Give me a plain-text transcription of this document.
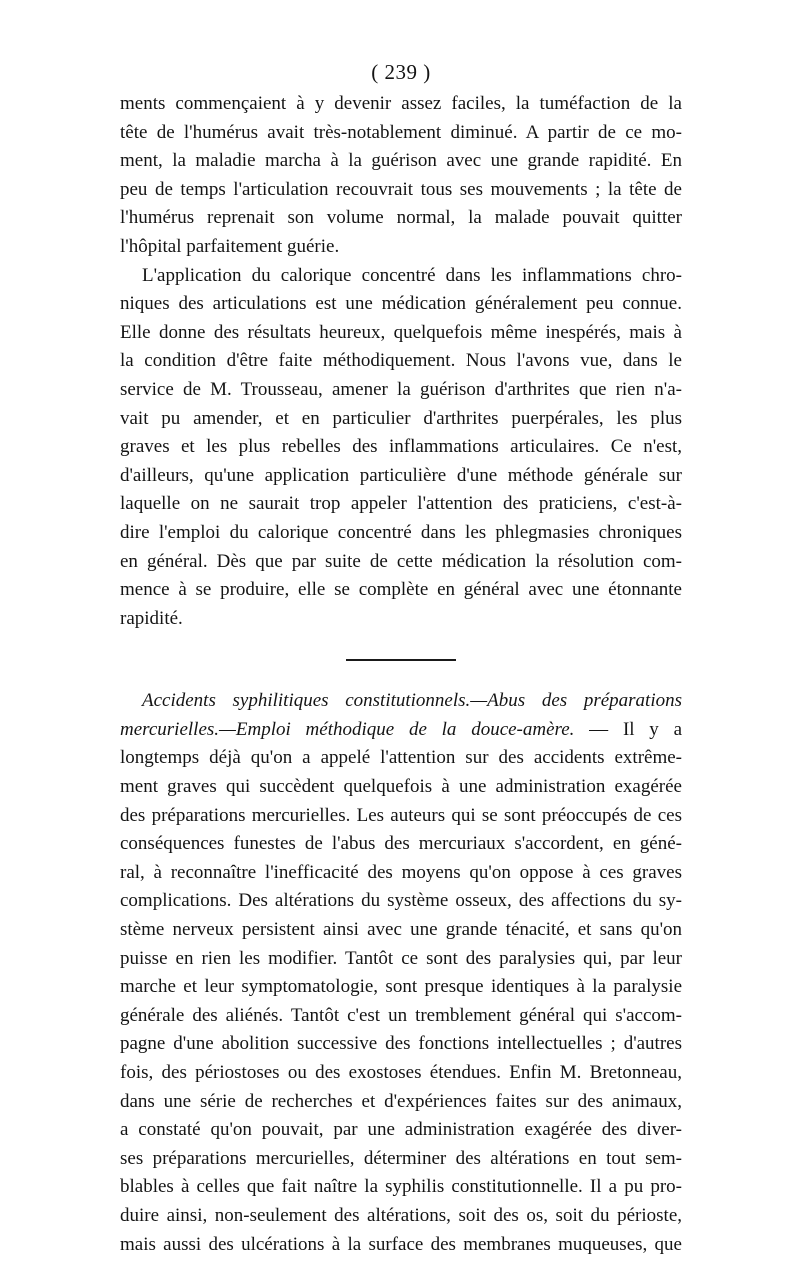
( 239 )
ments commençaient à y devenir assez faciles, la tuméfaction de la
tête de l'humérus avait très-notablement diminué. A partir de ce mo-
ment, la maladie marcha à la guérison avec une grande rapidité. En
peu de temps l'articulation recouvrait tous ses mouvements ; la tête de
l'humérus reprenait son volume normal, la malade pouvait quitter
l'hôpital parfaitement guérie.
L'application du calorique concentré dans les inflammations chro-
niques des articulations est une médication généralement peu connue.
Elle donne des résultats heureux, quelquefois même inespérés, mais à
la condition d'être faite méthodiquement. Nous l'avons vue, dans le
service de M. Trousseau, amener la guérison d'arthrites que rien n'a-
vait pu amender, et en particulier d'arthrites puerpérales, les plus
graves et les plus rebelles des inflammations articulaires. Ce n'est,
d'ailleurs, qu'une application particulière d'une méthode générale sur
laquelle on ne saurait trop appeler l'attention des praticiens, c'est-à-
dire l'emploi du calorique concentré dans les phlegmasies chroniques
en général. Dès que par suite de cette médication la résolution com-
mence à se produire, elle se complète en général avec une étonnante
rapidité.
Accidents syphilitiques constitutionnels.—Abus des préparations
mercurielles.—Emploi méthodique de la douce-amère. — Il y a
longtemps déjà qu'on a appelé l'attention sur des accidents extrême-
ment graves qui succèdent quelquefois à une administration exagérée
des préparations mercurielles. Les auteurs qui se sont préoccupés de ces
conséquences funestes de l'abus des mercuriaux s'accordent, en géné-
ral, à reconnaître l'inefficacité des moyens qu'on oppose à ces graves
complications. Des altérations du système osseux, des affections du sy-
stème nerveux persistent ainsi avec une grande ténacité, et sans qu'on
puisse en rien les modifier. Tantôt ce sont des paralysies qui, par leur
marche et leur symptomatologie, sont presque identiques à la paralysie
générale des aliénés. Tantôt c'est un tremblement général qui s'accom-
pagne d'une abolition successive des fonctions intellectuelles ; d'autres
fois, des périostoses ou des exostoses étendues. Enfin M. Bretonneau,
dans une série de recherches et d'expériences faites sur des animaux,
a constaté qu'on pouvait, par une administration exagérée des diver-
ses préparations mercurielles, déterminer des altérations en tout sem-
blables à celles que fait naître la syphilis constitutionnelle. Il a pu pro-
duire ainsi, non-seulement des altérations, soit des os, soit du périoste,
mais aussi des ulcérations à la surface des membranes muqueuses, que
